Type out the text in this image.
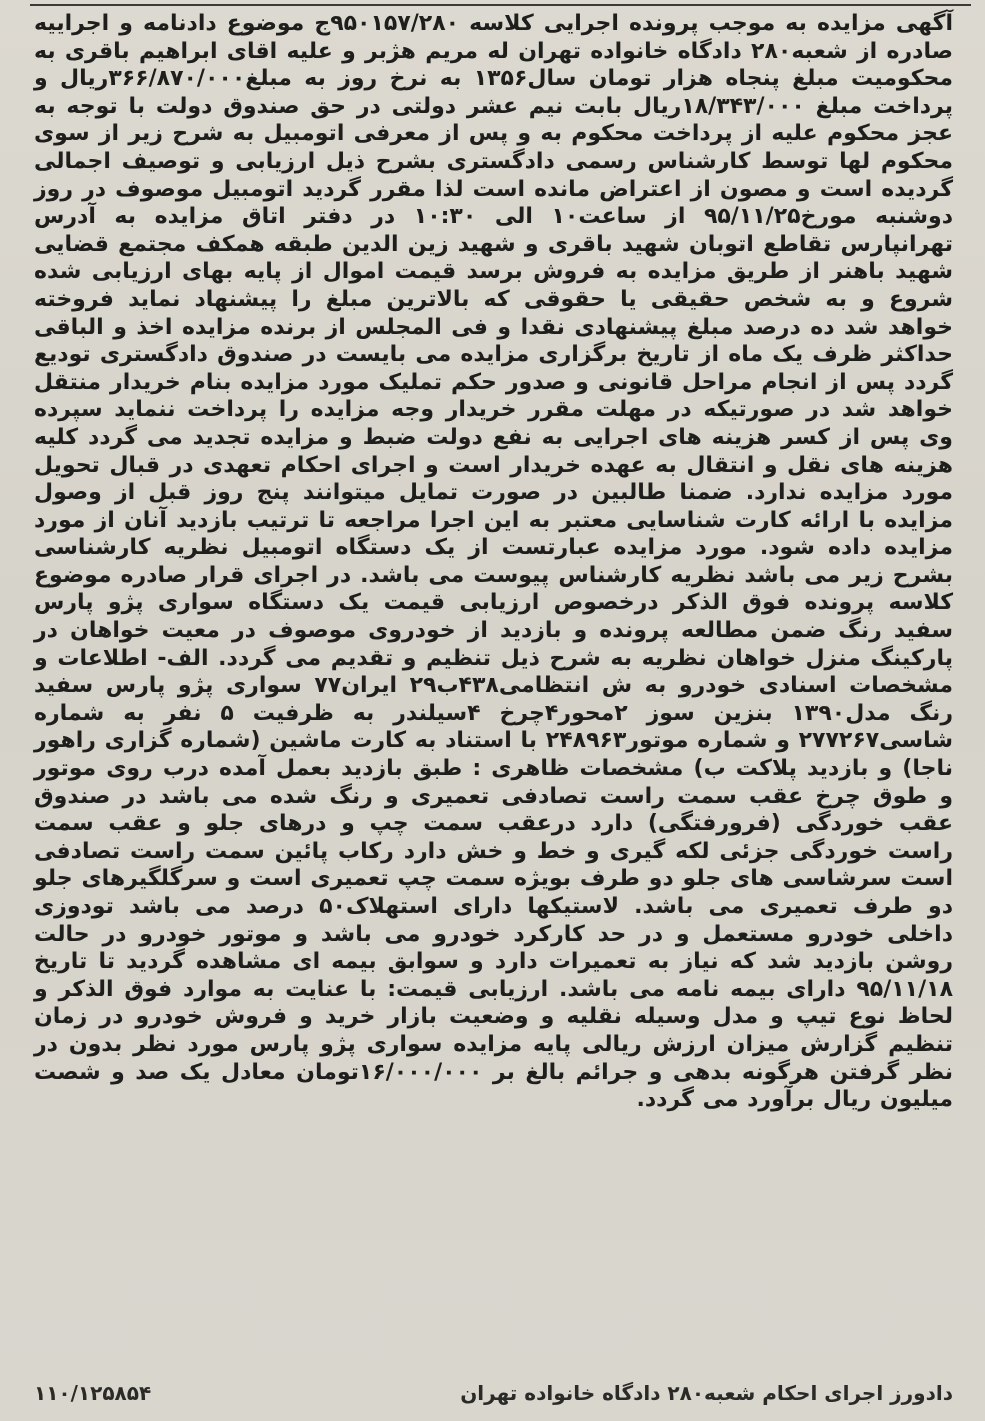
آگهی مزایده به موجب پرونده اجرایی کلاسه ۹۵۰۱۵۷/۲۸۰ج موضوع دادنامه و اجراییه صادره از شعبه۲۸۰ دادگاه خانواده تهران له مریم هژبر و علیه اقای ابراهیم باقری به محکومیت مبلغ پنجاه هزار تومان سال۱۳۵۶ به نرخ روز به مبلغ۳۶۶/۸۷۰/۰۰۰ریال و پرداخت مبلغ ۱۸/۳۴۳/۰۰۰ریال بابت نیم عشر دولتی در حق صندوق دولت با توجه به عجز محکوم علیه از پرداخت محکوم به و پس از معرفی اتومبیل به شرح زیر از سوی محکوم لها توسط کارشناس رسمی دادگستری بشرح ذیل ارزیابی و توصیف اجمالی گردیده است و مصون از اعتراض مانده است لذا مقرر گردید اتومبیل موصوف در روز دوشنبه مورخ۹۵/۱۱/۲۵ از ساعت۱۰ الی ۱۰:۳۰ در دفتر اتاق مزایده به آدرس تهرانپارس تقاطع اتوبان شهید باقری و شهید زین الدین طبقه همکف مجتمع قضایی شهید باهنر از طریق مزایده به فروش برسد قیمت اموال از پایه بهای ارزیابی شده شروع و به شخص حقیقی یا حقوقی که بالاترین مبلغ را پیشنهاد نماید فروخته خواهد شد ده درصد مبلغ پیشنهادی نقدا و فی المجلس از برنده مزایده اخذ و الباقی حداکثر ظرف یک ماه از تاریخ برگزاری مزایده می بایست در صندوق دادگستری تودیع گردد پس از انجام مراحل قانونی و صدور حکم تملیک مورد مزایده بنام خریدار منتقل خواهد شد در صورتیکه در مهلت مقرر خریدار وجه مزایده را پرداخت ننماید سپرده وی پس از کسر هزینه های اجرایی به نفع دولت ضبط و مزایده تجدید می گردد کلیه هزینه های نقل و انتقال به عهده خریدار است و اجرای احکام تعهدی در قبال تحویل مورد مزایده ندارد. ضمنا طالبین در صورت تمایل میتوانند پنج روز قبل از وصول مزایده با ارائه کارت شناسایی معتبر به این اجرا مراجعه تا ترتیب بازدید آنان از مورد مزایده داده شود. مورد مزایده عبارتست از یک دستگاه اتومبیل نظریه کارشناسی بشرح زیر می باشد نظریه کارشناس پیوست می باشد. در اجرای قرار صادره موضوع کلاسه پرونده فوق الذکر درخصوص ارزیابی قیمت یک دستگاه سواری پژو پارس سفید رنگ ضمن مطالعه پرونده و بازدید از خودروی موصوف در معیت خواهان در پارکینگ منزل خواهان نظریه به شرح ذیل تنظیم و تقدیم می گردد. الف- اطلاعات و مشخصات اسنادی خودرو به ش انتظامی۴۳۸ب۲۹ ایران۷۷ سواری پژو پارس سفید رنگ مدل۱۳۹۰ بنزین سوز ۲محور۴چرخ ۴سیلندر به ظرفیت ۵ نفر به شماره شاسی۲۷۷۲۶۷ و شماره موتور۲۴۸۹۶۳ با استناد به کارت ماشین (شماره گزاری راهور ناجا) و بازدید پلاکت ب) مشخصات ظاهری : طبق بازدید بعمل آمده درب روی موتور و طوق چرخ عقب سمت راست تصادفی تعمیری و رنگ شده می باشد در صندوق عقب خوردگی (فرورفتگی) دارد درعقب سمت چپ و درهای جلو و عقب سمت راست خوردگی جزئی لکه گیری و خط و خش دارد رکاب پائین سمت راست تصادفی است سرشاسی های جلو دو طرف بویژه سمت چپ تعمیری است و سرگلگیرهای جلو دو طرف تعمیری می باشد. لاستیکها دارای استهلاک۵۰ درصد می باشد تودوزی داخلی خودرو مستعمل و در حد کارکرد خودرو می باشد و موتور خودرو در حالت روشن بازدید شد که نیاز به تعمیرات دارد و سوابق بیمه ای مشاهده گردید تا تاریخ ۹۵/۱۱/۱۸ دارای بیمه نامه می باشد. ارزیابی قیمت: با عنایت به موارد فوق الذکر و لحاظ نوع تیپ و مدل وسیله نقلیه و وضعیت بازار خرید و فروش خودرو در زمان تنظیم گزارش میزان ارزش ریالی پایه مزایده سواری پژو پارس مورد نظر بدون در نظر گرفتن هرگونه بدهی و جرائم بالغ بر ۱۶/۰۰۰/۰۰۰تومان معادل یک صد و شصت میلیون ریال برآورد می گردد.

دادورز اجرای احکام شعبه۲۸۰ دادگاه خانواده تهران
۱۱۰/۱۲۵۸۵۴
